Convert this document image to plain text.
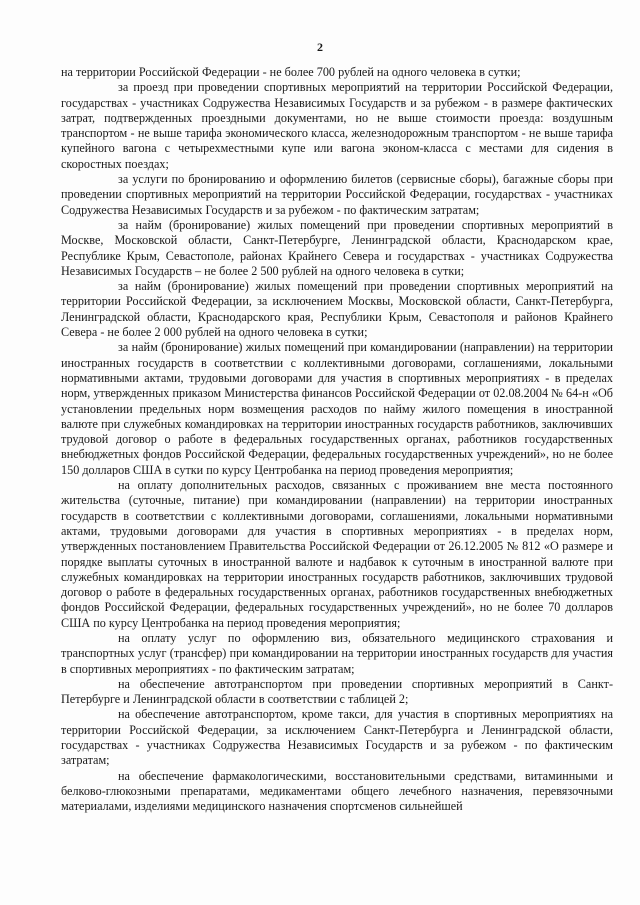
2

на территории Российской Федерации - не более 700 рублей на одного человека в сутки;

за проезд при проведении спортивных мероприятий на территории Российской Федерации, государствах - участниках Содружества Независимых Государств и за рубежом - в размере фактических затрат, подтвержденных проездными документами, но не выше стоимости проезда: воздушным транспортом - не выше тарифа экономического класса, железнодорожным транспортом - не выше тарифа купейного вагона с четырехместными купе или вагона эконом-класса с местами для сидения в скоростных поездах;

за услуги по бронированию и оформлению билетов (сервисные сборы), багажные сборы при проведении спортивных мероприятий на территории Российской Федерации, государствах - участниках Содружества Независимых Государств и за рубежом - по фактическим затратам;

за найм (бронирование) жилых помещений при проведении спортивных мероприятий в Москве, Московской области, Санкт-Петербурге, Ленинградской области, Краснодарском крае, Республике Крым, Севастополе, районах Крайнего Севера и государствах - участниках Содружества Независимых Государств – не более 2 500 рублей на одного человека в сутки;

за найм (бронирование) жилых помещений при проведении спортивных мероприятий на территории Российской Федерации, за исключением Москвы, Московской области, Санкт-Петербурга, Ленинградской области, Краснодарского края, Республики Крым, Севастополя и районов Крайнего Севера - не более 2 000 рублей на одного человека в сутки;

за найм (бронирование) жилых помещений при командировании (направлении) на территории иностранных государств в соответствии с коллективными договорами, соглашениями, локальными нормативными актами, трудовыми договорами для участия в спортивных мероприятиях - в пределах норм, утвержденных приказом Министерства финансов Российской Федерации от 02.08.2004 № 64-н «Об установлении предельных норм возмещения расходов по найму жилого помещения в иностранной валюте при служебных командировках на территории иностранных государств работников, заключивших трудовой договор о работе в федеральных государственных органах, работников государственных внебюджетных фондов Российской Федерации, федеральных государственных учреждений», но не более 150 долларов США в сутки по курсу Центробанка на период проведения мероприятия;

на оплату дополнительных расходов, связанных с проживанием вне места постоянного жительства (суточные, питание) при командировании (направлении) на территории иностранных государств в соответствии с коллективными договорами, соглашениями, локальными нормативными актами, трудовыми договорами для участия в спортивных мероприятиях - в пределах норм, утвержденных постановлением Правительства Российской Федерации от 26.12.2005 № 812 «О размере и порядке выплаты суточных в иностранной валюте и надбавок к суточным в иностранной валюте при служебных командировках на территории иностранных государств работников, заключивших трудовой договор о работе в федеральных государственных органах, работников государственных внебюджетных фондов Российской Федерации, федеральных государственных учреждений», но не более 70 долларов США по курсу Центробанка на период проведения мероприятия;

на оплату услуг по оформлению виз, обязательного медицинского страхования и транспортных услуг (трансфер) при командировании на территории иностранных государств для участия в спортивных мероприятиях - по фактическим затратам;

на обеспечение автотранспортом при проведении спортивных мероприятий в Санкт-Петербурге и Ленинградской области в соответствии с таблицей 2;

на обеспечение автотранспортом, кроме такси, для участия в спортивных мероприятиях на территории Российской Федерации, за исключением Санкт-Петербурга и Ленинградской области, государствах - участниках Содружества Независимых Государств и за рубежом - по фактическим затратам;

на обеспечение фармакологическими, восстановительными средствами, витаминными и белково-глюкозными препаратами, медикаментами общего лечебного назначения, перевязочными материалами, изделиями медицинского назначения спортсменов сильнейшей
